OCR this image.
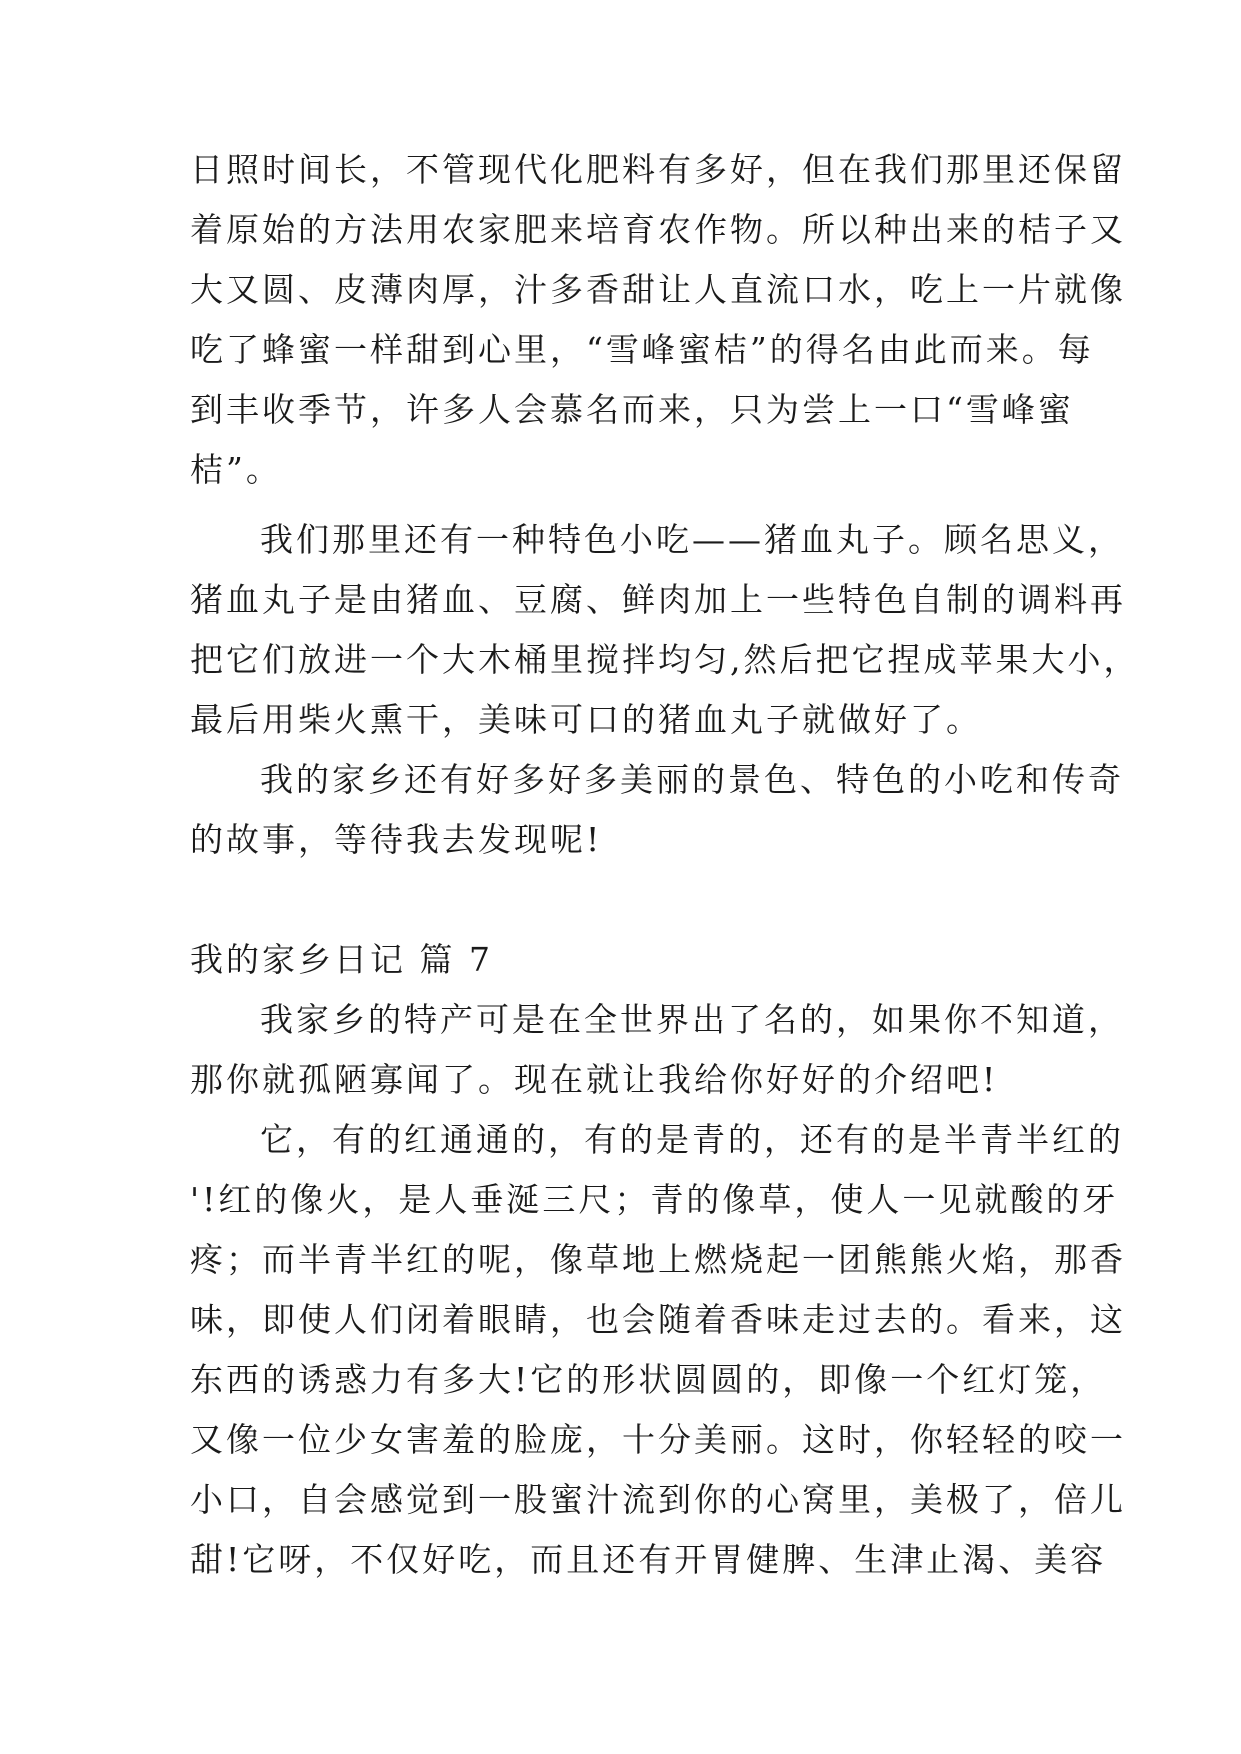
日照时间长，不管现代化肥料有多好，但在我们那里还保留
着原始的方法用农家肥来培育农作物。所以种出来的桔子又
大又圆、皮薄肉厚，汁多香甜让人直流口水，吃上一片就像
吃了蜂蜜一样甜到心里，“雪峰蜜桔”的得名由此而来。每
到丰收季节，许多人会慕名而来，只为尝上一口“雪峰蜜
桔”。
我们那里还有一种特色小吃——猪血丸子。顾名思义，
猪血丸子是由猪血、豆腐、鲜肉加上一些特色自制的调料再
把它们放进一个大木桶里搅拌均匀,然后把它捏成苹果大小，
最后用柴火熏干，美味可口的猪血丸子就做好了。
我的家乡还有好多好多美丽的景色、特色的小吃和传奇
的故事，等待我去发现呢!
我的家乡日记 篇 7
我家乡的特产可是在全世界出了名的，如果你不知道，
那你就孤陋寡闻了。现在就让我给你好好的介绍吧!
它，有的红通通的，有的是青的，还有的是半青半红的
'!红的像火，是人垂涎三尺；青的像草，使人一见就酸的牙
疼；而半青半红的呢，像草地上燃烧起一团熊熊火焰，那香
味，即使人们闭着眼睛，也会随着香味走过去的。看来，这
东西的诱惑力有多大!它的形状圆圆的，即像一个红灯笼，
又像一位少女害羞的脸庞，十分美丽。这时，你轻轻的咬一
小口，自会感觉到一股蜜汁流到你的心窝里，美极了，倍儿
甜!它呀，不仅好吃，而且还有开胃健脾、生津止渴、美容
